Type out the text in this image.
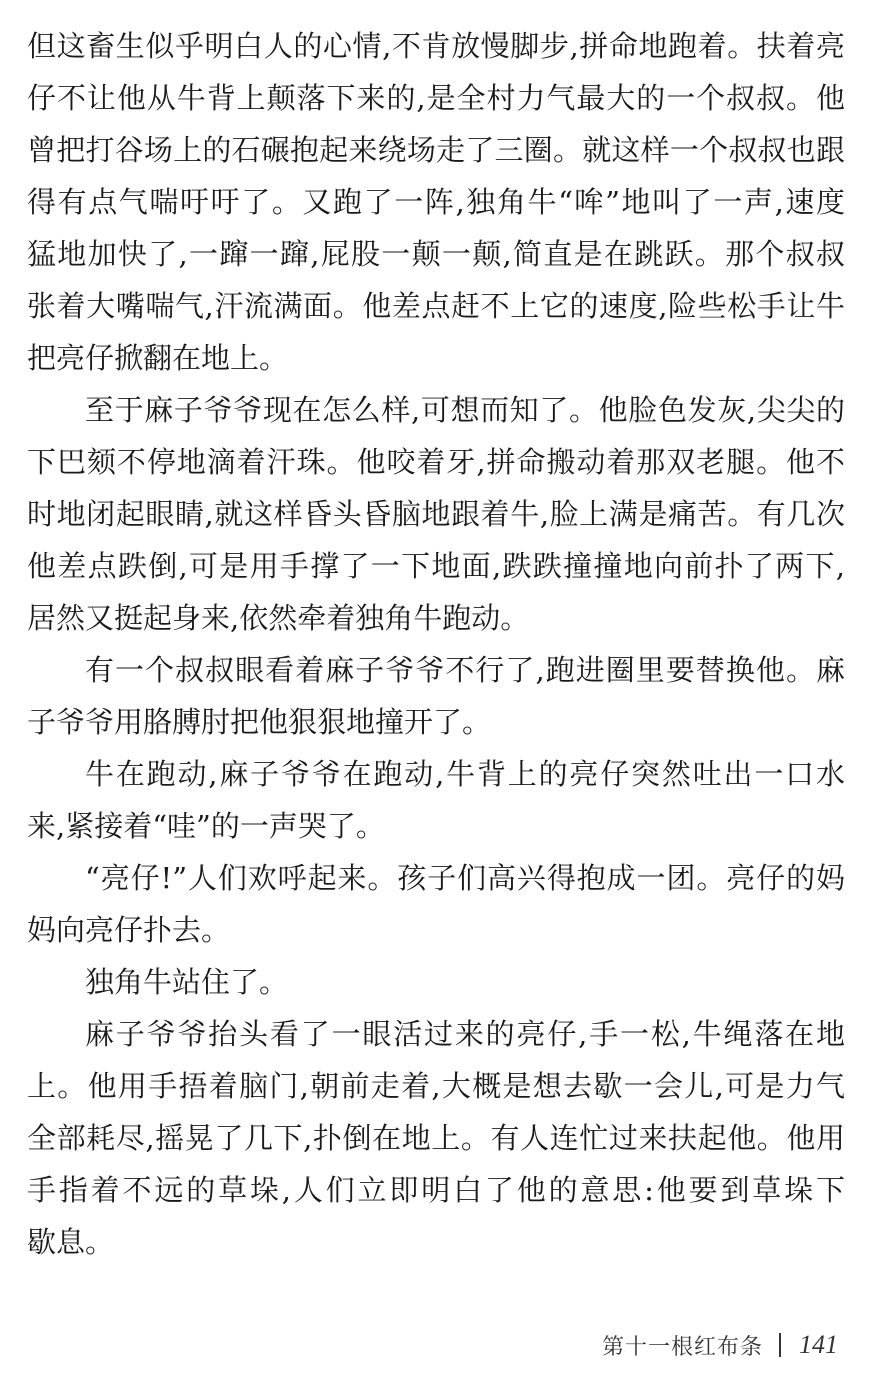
但这畜生似乎明白人的心情,不肯放慢脚步,拼命地跑着。扶着亮
仔不让他从牛背上颠落下来的,是全村力气最大的一个叔叔。他
曾把打谷场上的石碾抱起来绕场走了三圈。就这样一个叔叔也跟
得有点气喘吁吁了。又跑了一阵,独角牛“哞”地叫了一声,速度
猛地加快了,一蹿一蹿,屁股一颠一颠,简直是在跳跃。那个叔叔
张着大嘴喘气,汗流满面。他差点赶不上它的速度,险些松手让牛
把亮仔掀翻在地上。
至于麻子爷爷现在怎么样,可想而知了。他脸色发灰,尖尖的
下巴颏不停地滴着汗珠。他咬着牙,拼命搬动着那双老腿。他不
时地闭起眼睛,就这样昏头昏脑地跟着牛,脸上满是痛苦。有几次
他差点跌倒,可是用手撑了一下地面,跌跌撞撞地向前扑了两下,
居然又挺起身来,依然牵着独角牛跑动。
有一个叔叔眼看着麻子爷爷不行了,跑进圈里要替换他。麻
子爷爷用胳膊肘把他狠狠地撞开了。
牛在跑动,麻子爷爷在跑动,牛背上的亮仔突然吐出一口水
来,紧接着“哇”的一声哭了。
“亮仔!”人们欢呼起来。孩子们高兴得抱成一团。亮仔的妈
妈向亮仔扑去。
独角牛站住了。
麻子爷爷抬头看了一眼活过来的亮仔,手一松,牛绳落在地
上。他用手捂着脑门,朝前走着,大概是想去歇一会儿,可是力气
全部耗尽,摇晃了几下,扑倒在地上。有人连忙过来扶起他。他用
手指着不远的草垛,人们立即明白了他的意思:他要到草垛下
歇息。
第十一根红布条 141
